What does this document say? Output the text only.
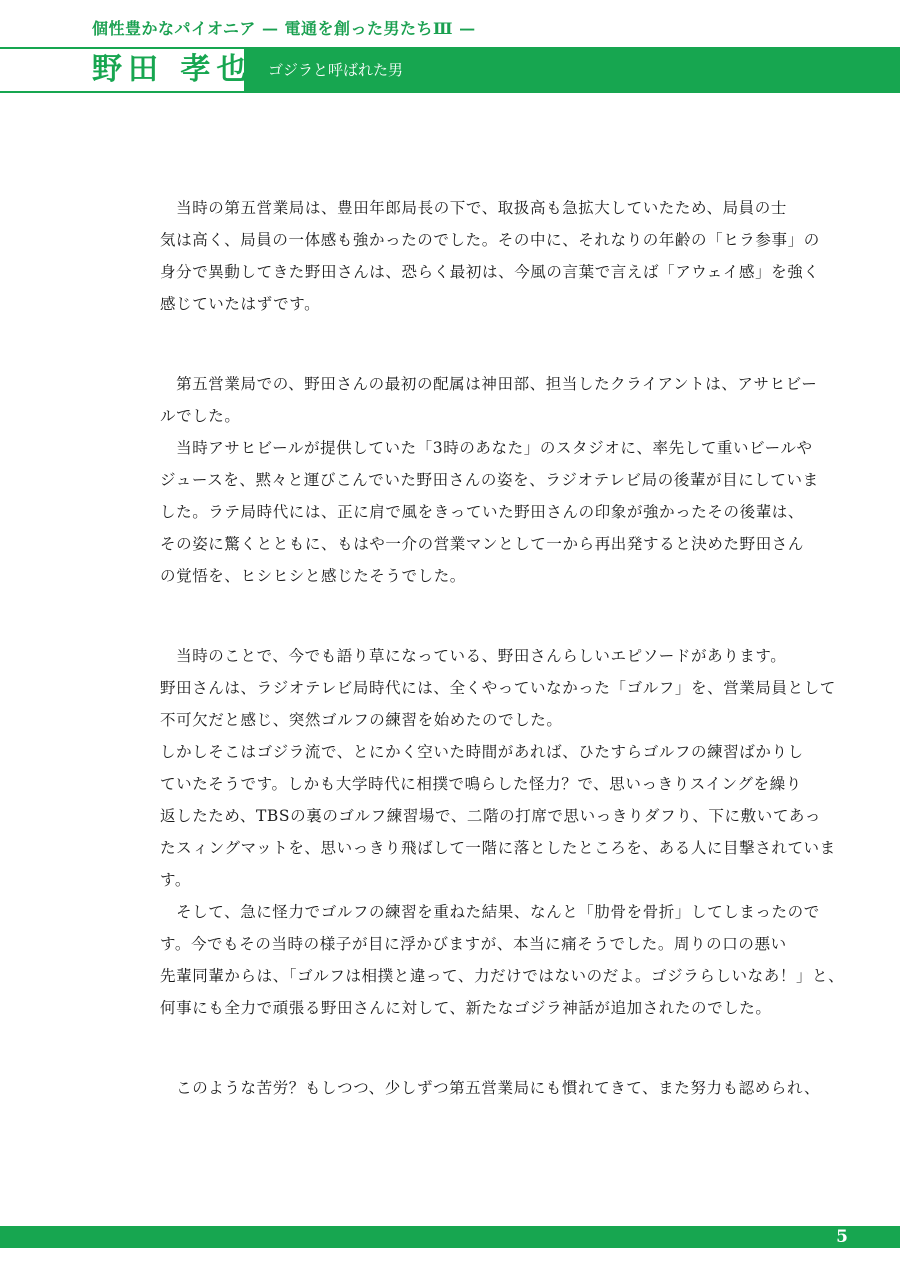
個性豊かなパイオニア — 電通を創った男たちⅢ —
野田 孝也 ゴジラと呼ばれた男
　当時の第五営業局は、豊田年郎局長の下で、取扱高も急拡大していたため、局員の士
気は高く、局員の一体感も強かったのでした。その中に、それなりの年齢の「ヒラ参事」の
身分で異動してきた野田さんは、恐らく最初は、今風の言葉で言えば「アウェイ感」を強く
感じていたはずです。
　第五営業局での、野田さんの最初の配属は神田部、担当したクライアントは、アサヒビー
ルでした。
　当時アサヒビールが提供していた「3時のあなた」のスタジオに、率先して重いビールや
ジュースを、黙々と運びこんでいた野田さんの姿を、ラジオテレビ局の後輩が目にしていま
した。ラテ局時代には、正に肩で風をきっていた野田さんの印象が強かったその後輩は、
その姿に驚くとともに、もはや一介の営業マンとして一から再出発すると決めた野田さん
の覚悟を、ヒシヒシと感じたそうでした。
　当時のことで、今でも語り草になっている、野田さんらしいエピソードがあります。
野田さんは、ラジオテレビ局時代には、全くやっていなかった「ゴルフ」を、営業局員として
不可欠だと感じ、突然ゴルフの練習を始めたのでした。
しかしそこはゴジラ流で、とにかく空いた時間があれば、ひたすらゴルフの練習ばかりし
ていたそうです。しかも大学時代に相撲で鳴らした怪力？で、思いっきりスイングを繰り
返したため、TBSの裏のゴルフ練習場で、二階の打席で思いっきりダフり、下に敷いてあっ
たスィングマットを、思いっきり飛ばして一階に落としたところを、ある人に目撃されていま
す。
　そして、急に怪力でゴルフの練習を重ねた結果、なんと「肋骨を骨折」してしまったので
す。今でもその当時の様子が目に浮かびますが、本当に痛そうでした。周りの口の悪い
先輩同輩からは、「ゴルフは相撲と違って、力だけではないのだよ。ゴジラらしいなあ！」と、
何事にも全力で頑張る野田さんに対して、新たなゴジラ神話が追加されたのでした。
　このような苦労？もしつつ、少しずつ第五営業局にも慣れてきて、また努力も認められ、
5
